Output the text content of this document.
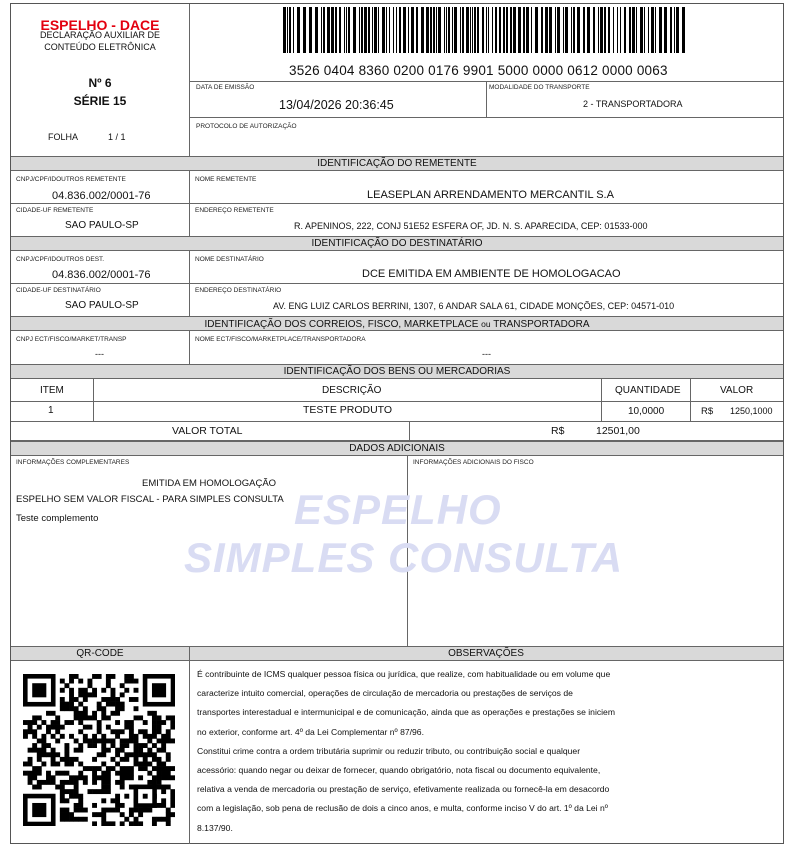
ESPELHO - DACE
DECLARAÇÃO AUXILIAR DE
CONTEÚDO ELETRÔNICA
Nº 6
SÉRIE 15
FOLHA	1 / 1
3526 0404 8360 0200 0176 9901 5000 0000 0612 0000 0063
DATA DE EMISSÃO
13/04/2026 20:36:45
MODALIDADE DO TRANSPORTE
2 - TRANSPORTADORA
PROTOCOLO DE AUTORIZAÇÃO
IDENTIFICAÇÃO DO REMETENTE
CNPJ/CPF/IDOUTROS REMETENTE
04.836.002/0001-76
NOME REMETENTE
LEASEPLAN ARRENDAMENTO MERCANTIL S.A
CIDADE-UF REMETENTE
SAO PAULO-SP
ENDEREÇO REMETENTE
R. APENINOS, 222, CONJ 51E52 ESFERA OF, JD. N. S. APARECIDA, CEP: 01533-000
IDENTIFICAÇÃO DO DESTINATÁRIO
CNPJ/CPF/IDOUTROS DEST.
04.836.002/0001-76
NOME DESTINATÁRIO
DCE EMITIDA EM AMBIENTE DE HOMOLOGACAO
CIDADE-UF DESTINATÁRIO
SAO PAULO-SP
ENDEREÇO DESTINATÁRIO
AV. ENG LUIZ CARLOS BERRINI, 1307, 6 ANDAR SALA 61, CIDADE MONÇÕES, CEP: 04571-010
IDENTIFICAÇÃO DOS CORREIOS, FISCO, MARKETPLACE ou TRANSPORTADORA
CNPJ ECT/FISCO/MARKET/TRANSP
---
NOME ECT/FISCO/MARKETPLACE/TRANSPORTADORA
---
IDENTIFICAÇÃO DOS BENS OU MERCADORIAS
ITEM	DESCRIÇÃO	QUANTIDADE	VALOR
1	TESTE PRODUTO	10,0000	R$ 1250,1000
VALOR TOTAL	R$	12501,00
DADOS ADICIONAIS
INFORMAÇÕES COMPLEMENTARES
EMITIDA EM HOMOLOGAÇÃO
ESPELHO SEM VALOR FISCAL - PARA SIMPLES CONSULTA
Teste complemento
INFORMAÇÕES ADICIONAIS DO FISCO
ESPELHO
SIMPLES CONSULTA
QR-CODE	OBSERVAÇÕES
É contribuinte de ICMS qualquer pessoa física ou jurídica, que realize, com habitualidade ou em volume que
caracterize intuito comercial, operações de circulação de mercadoria ou prestações de serviços de
transportes interestadual e intermunicipal e de comunicação, ainda que as operações e prestações se iniciem
no exterior, conforme art. 4º da Lei Complementar nº 87/96.
Constitui crime contra a ordem tributária suprimir ou reduzir tributo, ou contribuição social e qualquer
acessório: quando negar ou deixar de fornecer, quando obrigatório, nota fiscal ou documento equivalente,
relativa a venda de mercadoria ou prestação de serviço, efetivamente realizada ou fornecê-la em desacordo
com a legislação, sob pena de reclusão de dois a cinco anos, e multa, conforme inciso V do art. 1º da Lei nº
8.137/90.
